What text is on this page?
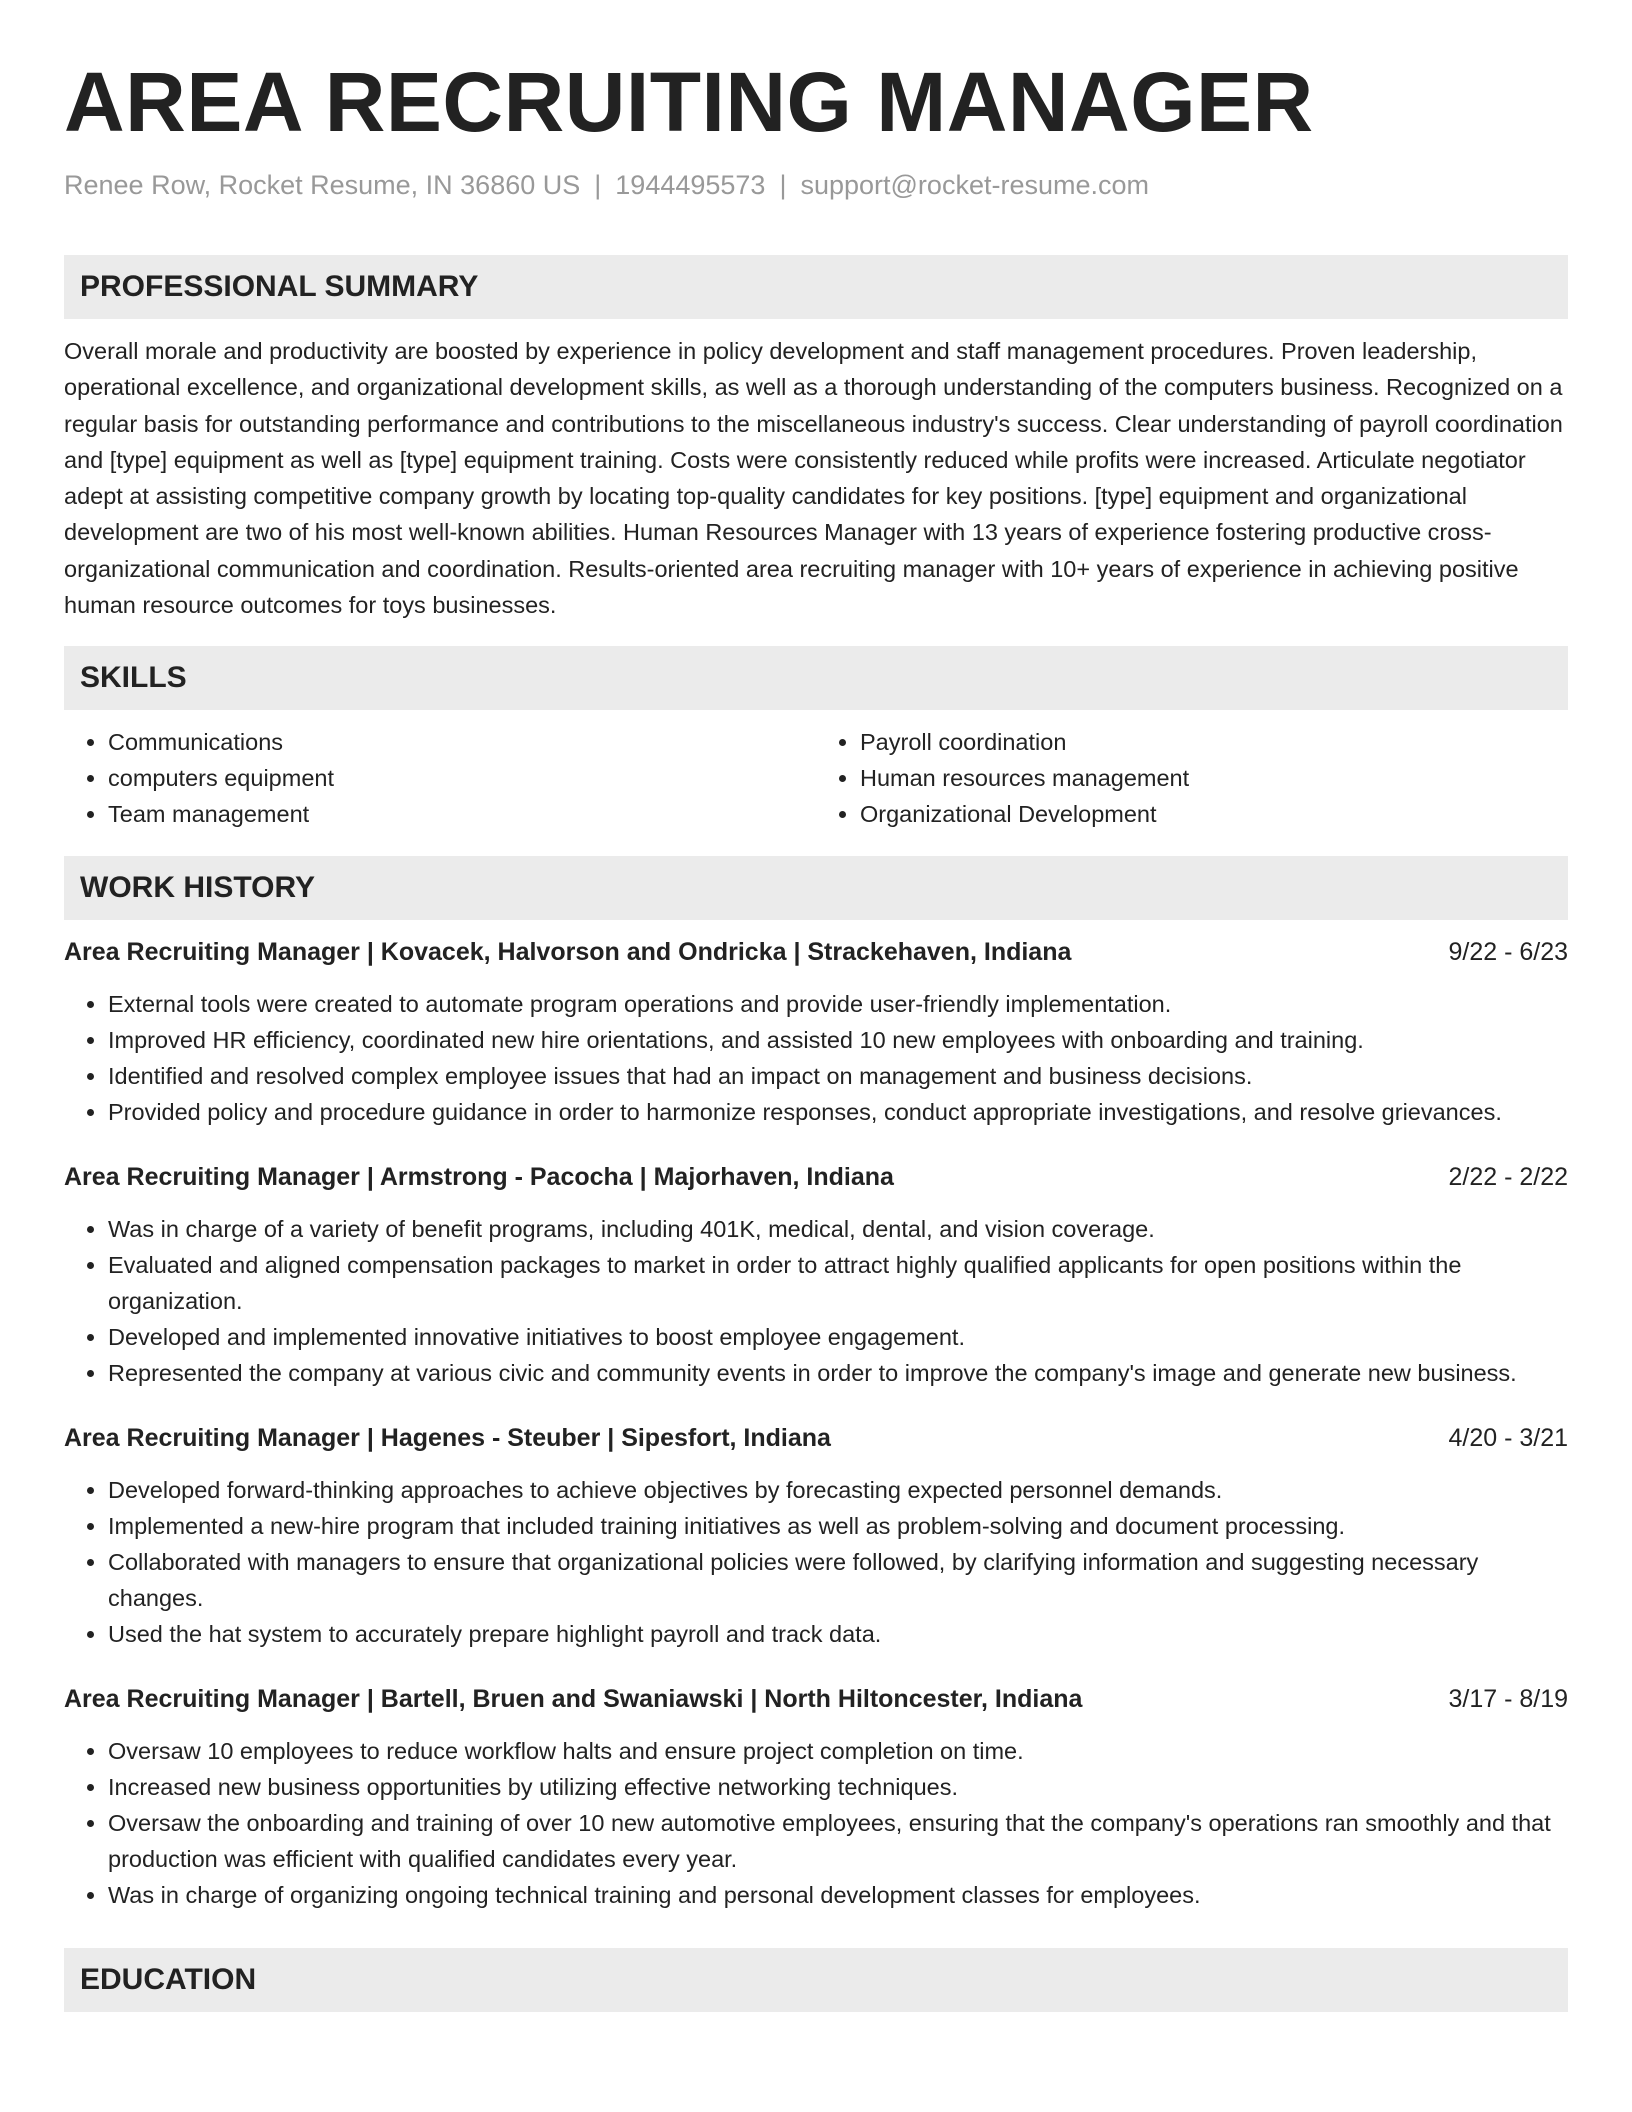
AREA RECRUITING MANAGER
Renee Row, Rocket Resume, IN 36860 US | 1944495573 | support@rocket-resume.com
PROFESSIONAL SUMMARY

Overall morale and productivity are boosted by experience in policy development and staff management procedures. Proven leadership, operational excellence, and organizational development skills, as well as a thorough understanding of the computers business. Recognized on a regular basis for outstanding performance and contributions to the miscellaneous industry's success. Clear understanding of payroll coordination and [type] equipment as well as [type] equipment training. Costs were consistently reduced while profits were increased. Articulate negotiator adept at assisting competitive company growth by locating top-quality candidates for key positions. [type] equipment and organizational development are two of his most well-known abilities. Human Resources Manager with 13 years of experience fostering productive cross-organizational communication and coordination. Results-oriented area recruiting manager with 10+ years of experience in achieving positive human resource outcomes for toys businesses.

SKILLS
• Communications
• computers equipment
• Team management
• Payroll coordination
• Human resources management
• Organizational Development
WORK HISTORY
Area Recruiting Manager | Kovacek, Halvorson and Ondricka | Strackehaven, Indiana	9/22 - 6/23
• External tools were created to automate program operations and provide user-friendly implementation.
• Improved HR efficiency, coordinated new hire orientations, and assisted 10 new employees with onboarding and training.
• Identified and resolved complex employee issues that had an impact on management and business decisions.
• Provided policy and procedure guidance in order to harmonize responses, conduct appropriate investigations, and resolve grievances.
Area Recruiting Manager | Armstrong - Pacocha | Majorhaven, Indiana	2/22 - 2/22
• Was in charge of a variety of benefit programs, including 401K, medical, dental, and vision coverage.
• Evaluated and aligned compensation packages to market in order to attract highly qualified applicants for open positions within the organization.
• Developed and implemented innovative initiatives to boost employee engagement.
• Represented the company at various civic and community events in order to improve the company's image and generate new business.
Area Recruiting Manager | Hagenes - Steuber | Sipesfort, Indiana	4/20 - 3/21
• Developed forward-thinking approaches to achieve objectives by forecasting expected personnel demands.
• Implemented a new-hire program that included training initiatives as well as problem-solving and document processing.
• Collaborated with managers to ensure that organizational policies were followed, by clarifying information and suggesting necessary changes.
• Used the hat system to accurately prepare highlight payroll and track data.
Area Recruiting Manager | Bartell, Bruen and Swaniawski | North Hiltoncester, Indiana	3/17 - 8/19
• Oversaw 10 employees to reduce workflow halts and ensure project completion on time.
• Increased new business opportunities by utilizing effective networking techniques.
• Oversaw the onboarding and training of over 10 new automotive employees, ensuring that the company's operations ran smoothly and that production was efficient with qualified candidates every year.
• Was in charge of organizing ongoing technical training and personal development classes for employees.
EDUCATION
